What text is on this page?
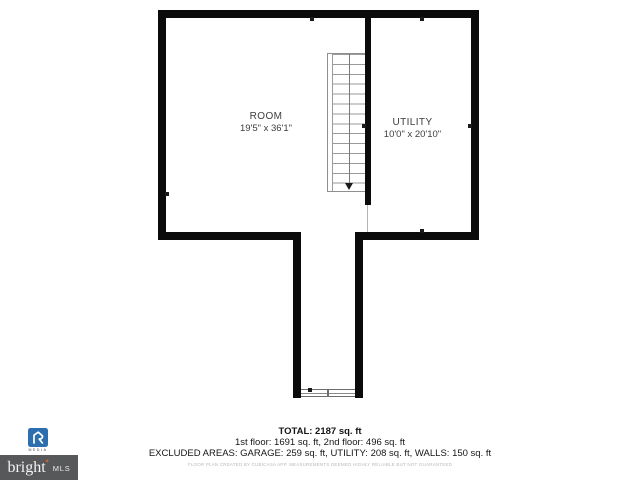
ROOM
19'5" x 36'1"
UTILITY
10'0" x 20'10"
TOTAL: 2187 sq. ft
1st floor: 1691 sq. ft, 2nd floor: 496 sq. ft
EXCLUDED AREAS: GARAGE: 259 sq. ft, UTILITY: 208 sq. ft, WALLS: 150 sq. ft
FLOOR PLAN CREATED BY CUBICASA APP. MEASUREMENTS DEEMED HIGHLY RELIABLE BUT NOT GUARANTEED
MEDIA
bright
✶ MLS
